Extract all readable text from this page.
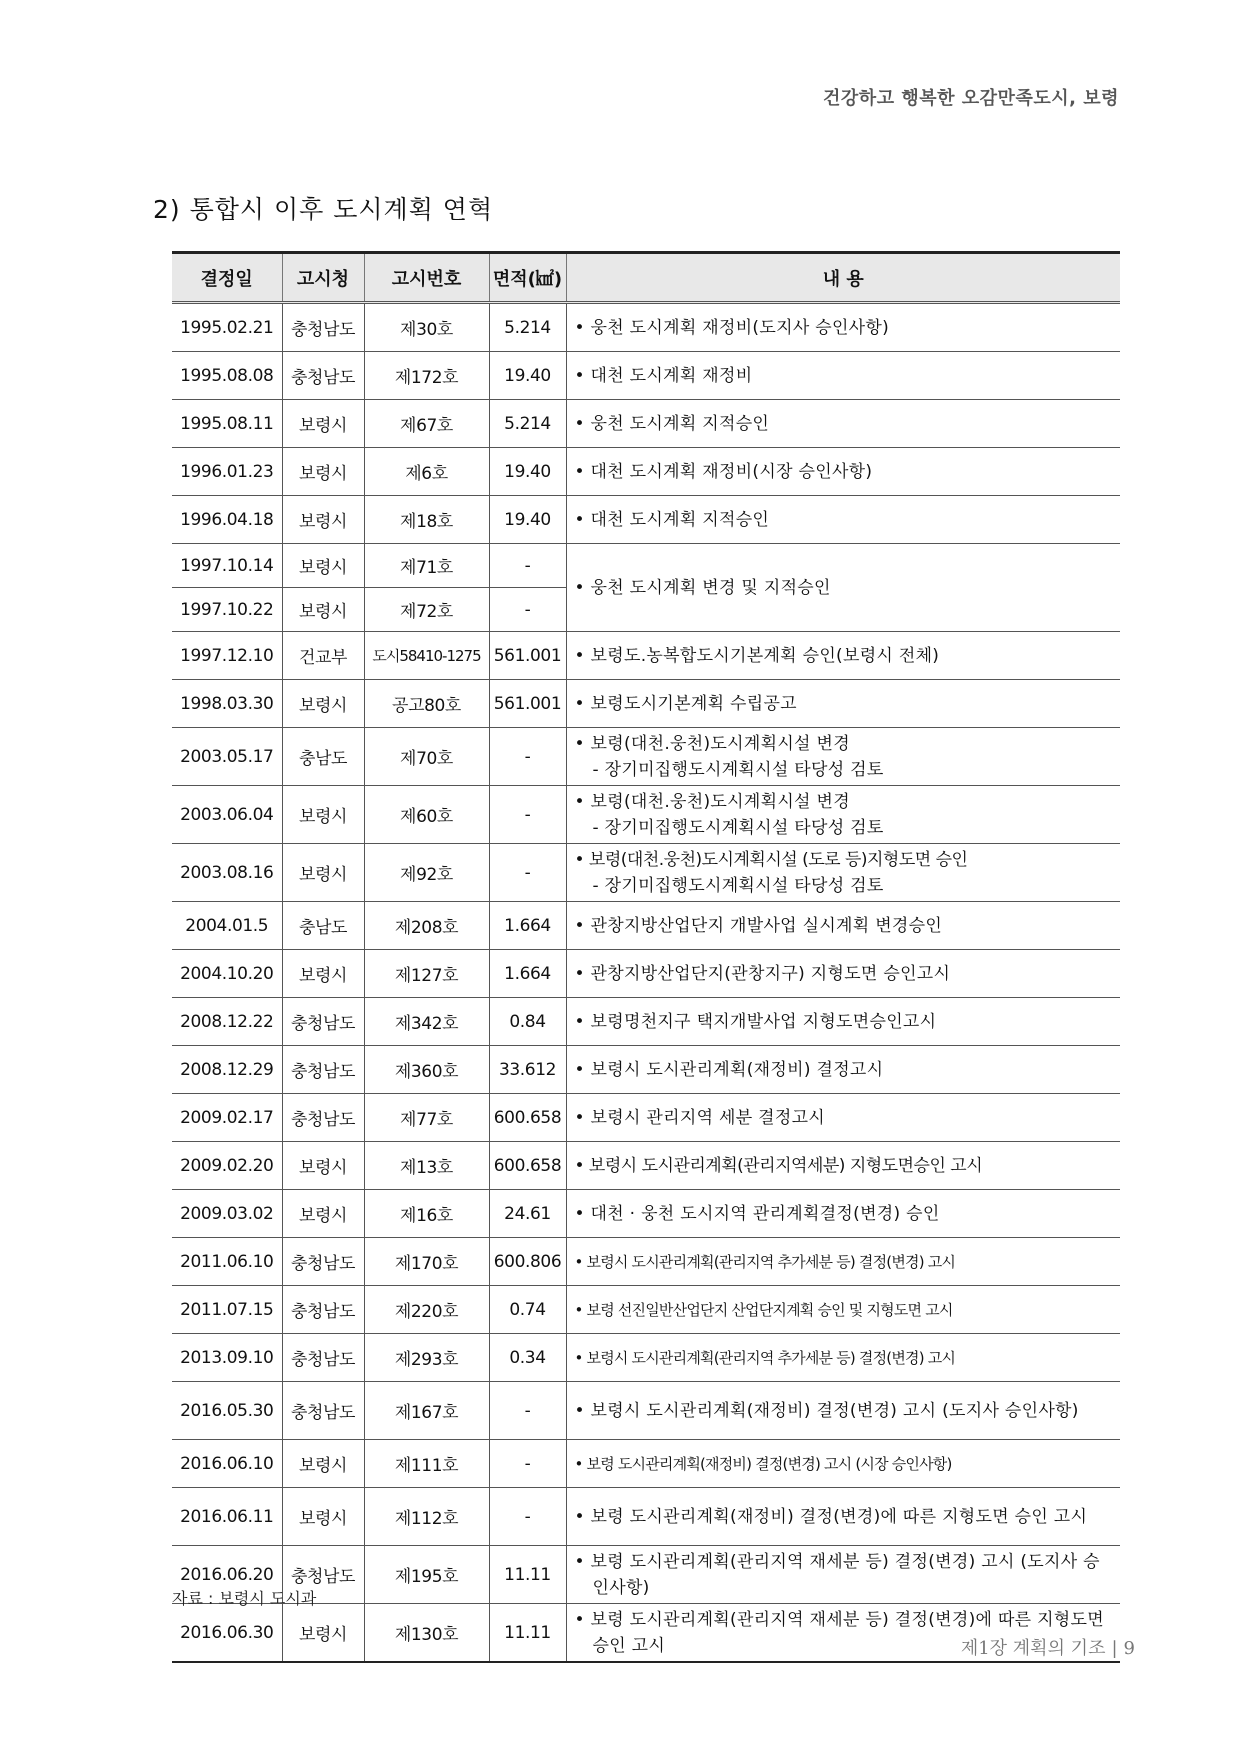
건강하고 행복한 오감만족도시, 보령
2) 통합시 이후 도시계획 연혁
결정일	고시청	고시번호	면적(㎢)	내 용
1995.02.21	충청남도	제30호	5.214	• 웅천 도시계획 재정비(도지사 승인사항)

1995.08.08	충청남도	제172호	19.40	• 대천 도시계획 재정비

1995.08.11	보령시	제67호	5.214	• 웅천 도시계획 지적승인

1996.01.23	보령시	제6호	19.40	• 대천 도시계획 재정비(시장 승인사항)

1996.04.18	보령시	제18호	19.40	• 대천 도시계획 지적승인

1997.10.14	보령시	제71호	-	• 웅천 도시계획 변경 및 지적승인

1997.10.22	보령시	제72호	-	
1997.12.10	건교부	도시58410-1275	561.001	• 보령도.농복합도시기본계획 승인(보령시 전체)

1998.03.30	보령시	공고80호	561.001	• 보령도시기본계획 수립공고

2003.05.17	충남도	제70호	-	• 보령(대천.웅천)도시계획시설 변경
- 장기미집행도시계획시설 타당성 검토

2003.06.04	보령시	제60호	-	• 보령(대천.웅천)도시계획시설 변경
- 장기미집행도시계획시설 타당성 검토

2003.08.16	보령시	제92호	-	• 보령(대천.웅천)도시계획시설 (도로 등)지형도면 승인
- 장기미집행도시계획시설 타당성 검토

2004.01.5	충남도	제208호	1.664	• 관창지방산업단지 개발사업 실시계획 변경승인

2004.10.20	보령시	제127호	1.664	• 관창지방산업단지(관창지구) 지형도면 승인고시

2008.12.22	충청남도	제342호	0.84	• 보령명천지구 택지개발사업 지형도면승인고시

2008.12.29	충청남도	제360호	33.612	• 보령시 도시관리계획(재정비) 결정고시

2009.02.17	충청남도	제77호	600.658	• 보령시 관리지역 세분 결정고시

2009.02.20	보령시	제13호	600.658	• 보령시 도시관리계획(관리지역세분) 지형도면승인 고시

2009.03.02	보령시	제16호	24.61	• 대천 · 웅천 도시지역 관리계획결정(변경) 승인

2011.06.10	충청남도	제170호	600.806	• 보령시 도시관리계획(관리지역 추가세분 등) 결정(변경) 고시

2011.07.15	충청남도	제220호	0.74	• 보령 선진일반산업단지 산업단지계획 승인 및 지형도면 고시

2013.09.10	충청남도	제293호	0.34	• 보령시 도시관리계획(관리지역 추가세분 등) 결정(변경) 고시

2016.05.30	충청남도	제167호	-	• 보령시 도시관리계획(재정비) 결정(변경) 고시 (도지사 승인사항)

2016.06.10	보령시	제111호	-	• 보령 도시관리계획(재정비) 결정(변경) 고시 (시장 승인사항)

2016.06.11	보령시	제112호	-	• 보령 도시관리계획(재정비) 결정(변경)에 따른 지형도면 승인 고시

2016.06.20	충청남도	제195호	11.11	• 보령 도시관리계획(관리지역 재세분 등) 결정(변경) 고시 (도지사 승인사항)

2016.06.30	보령시	제130호	11.11	• 보령 도시관리계획(관리지역 재세분 등) 결정(변경)에 따른 지형도면 승인 고시
자료 : 보령시 도시과
제1장 계획의 기조 | 9
